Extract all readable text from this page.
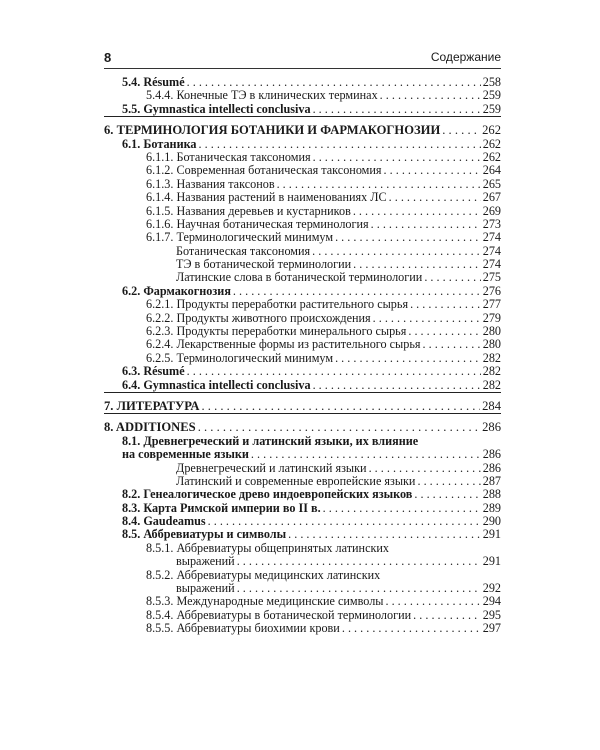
8	Содержание
5.4. Résumé . . .	258
5.4.4. Конечные ТЭ в клинических терминах . . .	259
5.5. Gymnastica intellecti conclusiva . . .	259
6. ТЕРМИНОЛОГИЯ БОТАНИКИ И ФАРМАКОГНОЗИИ . . .	262
6.1. Ботаника . . .	262
6.1.1. Ботаническая таксономия . . .	262
6.1.2. Современная ботаническая таксономия . . .	264
6.1.3. Названия таксонов . . .	265
6.1.4. Названия растений в наименованиях ЛС . . .	267
6.1.5. Названия деревьев и кустарников . . .	269
6.1.6. Научная ботаническая терминология . . .	273
6.1.7. Терминологический минимум . . .	274
Ботаническая таксономия . . .	274
ТЭ в ботанической терминологии . . .	274
Латинские слова в ботанической терминологии . . .	275
6.2. Фармакогнозия . . .	276
6.2.1. Продукты переработки растительного сырья . . .	277
6.2.2. Продукты животного происхождения . . .	279
6.2.3. Продукты переработки минерального сырья . . .	280
6.2.4. Лекарственные формы из растительного сырья . . .	280
6.2.5. Терминологический минимум . . .	282
6.3. Résumé . . .	282
6.4. Gymnastica intellecti conclusiva . . .	282
7. ЛИТЕРАТУРА . . .	284
8. ADDITIONES . . .	286
8.1. Древнегреческий и латинский языки, их влияние
на современные языки . . .	286
Древнегреческий и латинский языки . . .	286
Латинский и современные европейские языки . . .	287
8.2. Генеалогическое древо индоевропейских языков . . .	288
8.3. Карта Римской империи во II в. . . .	289
8.4. Gaudeamus . . .	290
8.5. Аббревиатуры и символы . . .	291
8.5.1. Аббревиатуры общепринятых латинских
выражений . . .	291
8.5.2. Аббревиатуры медицинских латинских
выражений . . .	292
8.5.3. Международные медицинские символы . . .	294
8.5.4. Аббревиатуры в ботанической терминологии . . .	295
8.5.5. Аббревиатуры биохимии крови . . .	297
